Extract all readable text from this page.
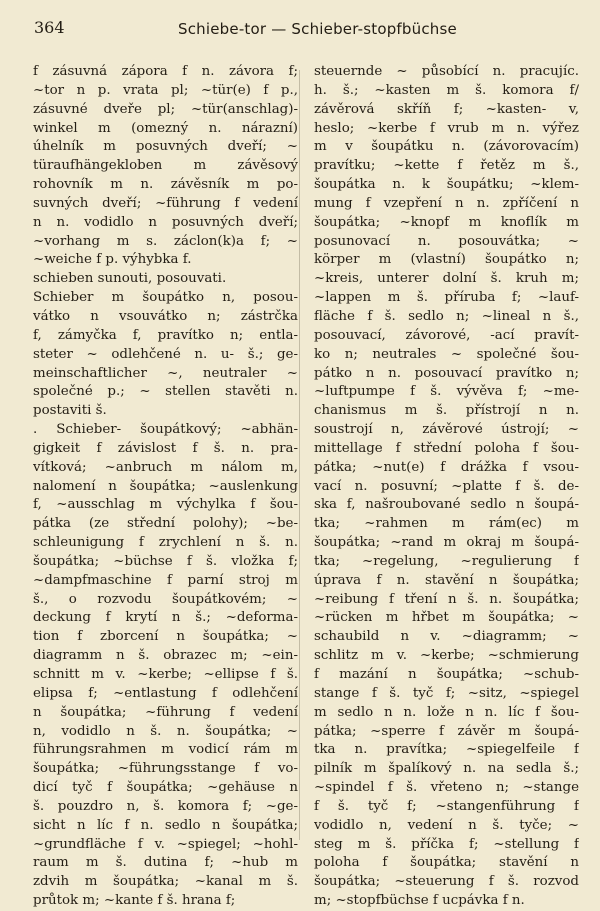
364	Schiebe-tor — Schieber-stopfbüchse
f zásuvná zápora f n. závora f;
~tor n p. vrata pl; ~tür(e) f p.,
zásuvné dveře pl; ~tür(anschlag)-
winkel m (omezný n. nárazní)
úhelník m posuvných dveří; ~
türaufhängekloben m závěsový
rohovník m n. závěsník m po-
suvných dveří; ~führung f vedení
n n. vodidlo n posuvných dveří;
~vorhang m s. záclon(k)a f; ~
~weiche f p. výhybka f.
schieben sunouti, posouvati.
Schieber m šoupátko n, posou-
vátko n vsouvátko n; zástrčka
f, zámyčka f, pravítko n; entla-
steter ~ odlehčené n. u- š.; ge-
meinschaftlicher ~, neutraler ~
společné p.; ~ stellen stavěti n.
postaviti š.
. Schieber- šoupátkový; ~abhän-
gigkeit f závislost f š. n. pra-
vítková; ~anbruch m nálom m,
nalomení n šoupátka; ~auslenkung
f, ~ausschlag m výchylka f šou-
pátka (ze střední polohy); ~be-
schleunigung f zrychlení n š. n.
šoupátka; ~büchse f š. vložka f;
~dampfmaschine f parní stroj m
š., o rozvodu šoupátkovém; ~
deckung f krytí n š.; ~deforma-
tion f zborcení n šoupátka; ~
diagramm n š. obrazec m; ~ein-
schnitt m v. ~kerbe; ~ellipse f š.
elipsa f; ~entlastung f odlehčení
n šoupátka; ~führung f vedení
n, vodidlo n š. n. šoupátka; ~
führungsrahmen m vodicí rám m
šoupátka; ~führungsstange f vo-
dicí tyč f šoupátka; ~gehäuse n
š. pouzdro n, š. komora f; ~ge-
sicht n líc f n. sedlo n šoupátka;
~grundfläche f v. ~spiegel; ~hohl-
raum m š. dutina f; ~hub m
zdvih m šoupátka; ~kanal m š.
průtok m; ~kante f š. hrana f;
steuernde ~ působící n. pracujíc.
h. š.; ~kasten m š. komora f/
závěrová skříň f; ~kasten- v,
heslo; ~kerbe f vrub m n. výřez
m v šoupátku n. (závorovacím)
pravítku; ~kette f řetěz m š.,
šoupátka n. k šoupátku; ~klem-
mung f vzepření n n. zpříčení n
šoupátka; ~knopf m knoflík m
posunovací n. posouvátka; ~
körper m (vlastní) šoupátko n;
~kreis, unterer dolní š. kruh m;
~lappen m š. příruba f; ~lauf-
fläche f š. sedlo n; ~lineal n š.,
posouvací, závorové, -ací pravít-
ko n; neutrales ~ společné šou-
pátko n n. posouvací pravítko n;
~luftpumpe f š. vývěva f; ~me-
chanismus m š. přístrojí n n.
soustrojí n, závěrové ústrojí; ~
mittellage f střední poloha f šou-
pátka; ~nut(e) f drážka f vsou-
vací n. posuvní; ~platte f š. de-
ska f, našroubované sedlo n šoupá-
tka; ~rahmen m rám(ec) m
šoupátka; ~rand m okraj m šoupá-
tka; ~regelung, ~regulierung f
úprava f n. stavění n šoupátka;
~reibung f tření n š. n. šoupátka;
~rücken m hřbet m šoupátka; ~
schaubild n v. ~diagramm; ~
schlitz m v. ~kerbe; ~schmierung
f mazání n šoupátka; ~schub-
stange f š. tyč f; ~sitz, ~spiegel
m sedlo n n. lože n n. líc f šou-
pátka; ~sperre f závěr m šoupá-
tka n. pravítka; ~spiegelfeile f
pilník m špalíkový n. na sedla š.;
~spindel f š. vřeteno n; ~stange
f š. tyč f; ~stangenführung f
vodidlo n, vedení n š. tyče; ~
steg m š. příčka f; ~stellung f
poloha f šoupátka; stavění n
šoupátka; ~steuerung f š. rozvod
m; ~stopfbüchse f ucpávka f n.
